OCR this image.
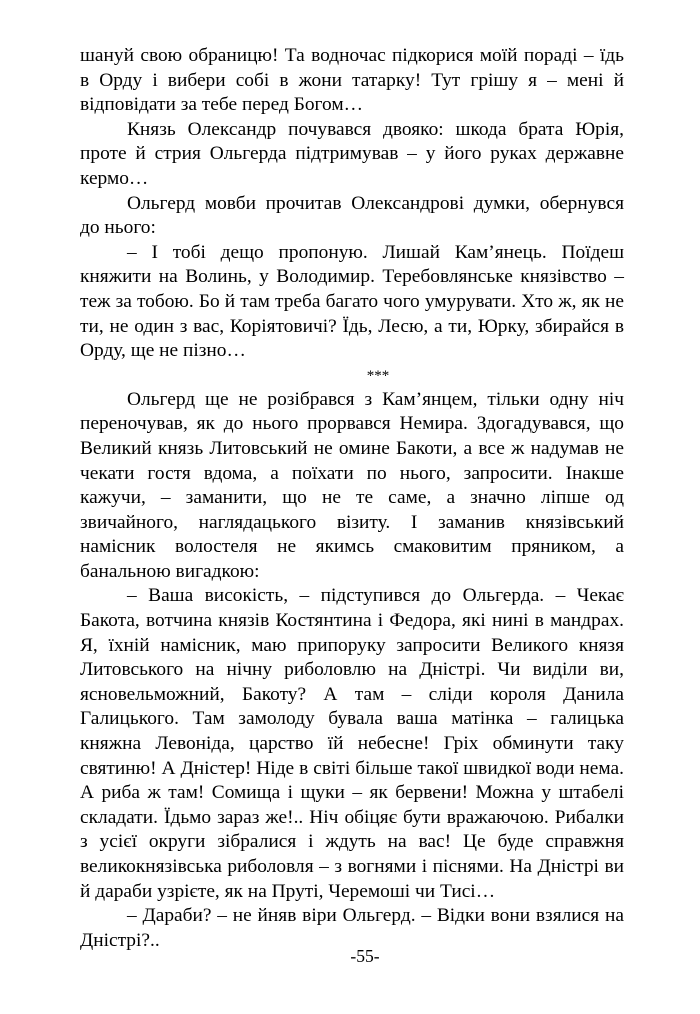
шануй свою обраницю! Та водночас підкорися моїй пораді – їдь в Орду і вибери собі в жони татарку! Тут грішу я – мені й відповідати за тебе перед Богом…

Князь Олександр почувався двояко: шкода брата Юрія, проте й стрия Ольгерда підтримував – у його руках державне кермо…

Ольгерд мовби прочитав Олександрові думки, обернувся до нього:

– І тобі дещо пропоную. Лишай Кам’янець. Поїдеш княжити на Волинь, у Володимир. Теребовлянське князівство – теж за тобою. Бо й там треба багато чого умурувати. Хто ж, як не ти, не один з вас, Коріятовичі? Їдь, Лесю, а ти, Юрку, збирайся в Орду, ще не пізно…

***

Ольгерд ще не розібрався з Кам’янцем, тільки одну ніч переночував, як до нього прорвався Немира. Здогадувався, що Великий князь Литовський не омине Бакоти, а все ж надумав не чекати гостя вдома, а поїхати по нього, запросити. Інакше кажучи, – заманити, що не те саме, а значно ліпше од звичайного, наглядацького візиту. І заманив князівський намісник волостеля не якимсь смаковитим пряником, а банальною вигадкою:

– Ваша високість, – підступився до Ольгерда. – Чекає Бакота, вотчина князів Костянтина і Федора, які нині в мандрах. Я, їхній намісник, маю припоруку запросити Великого князя Литовського на нічну риболовлю на Дністрі. Чи виділи ви, ясновельможний, Бакоту? А там – сліди короля Данила Галицького. Там замолоду бувала ваша матінка – галицька княжна Левоніда, царство їй небесне! Гріх обминути таку святиню! А Дністер! Ніде в світі більше такої швидкої води нема. А риба ж там! Сомища і щуки – як бервени! Можна у штабелі складати. Їдьмо зараз же!.. Ніч обіцяє бути вражаючою. Рибалки з усієї округи зібралися і ждуть на вас! Це буде справжня великокнязівська риболовля – з вогнями і піснями. На Дністрі ви й дараби узрієте, як на Пруті, Черемоші чи Тисі…

– Дараби? – не йняв віри Ольгерд. – Відки вони взялися на Дністрі?..

-55-
